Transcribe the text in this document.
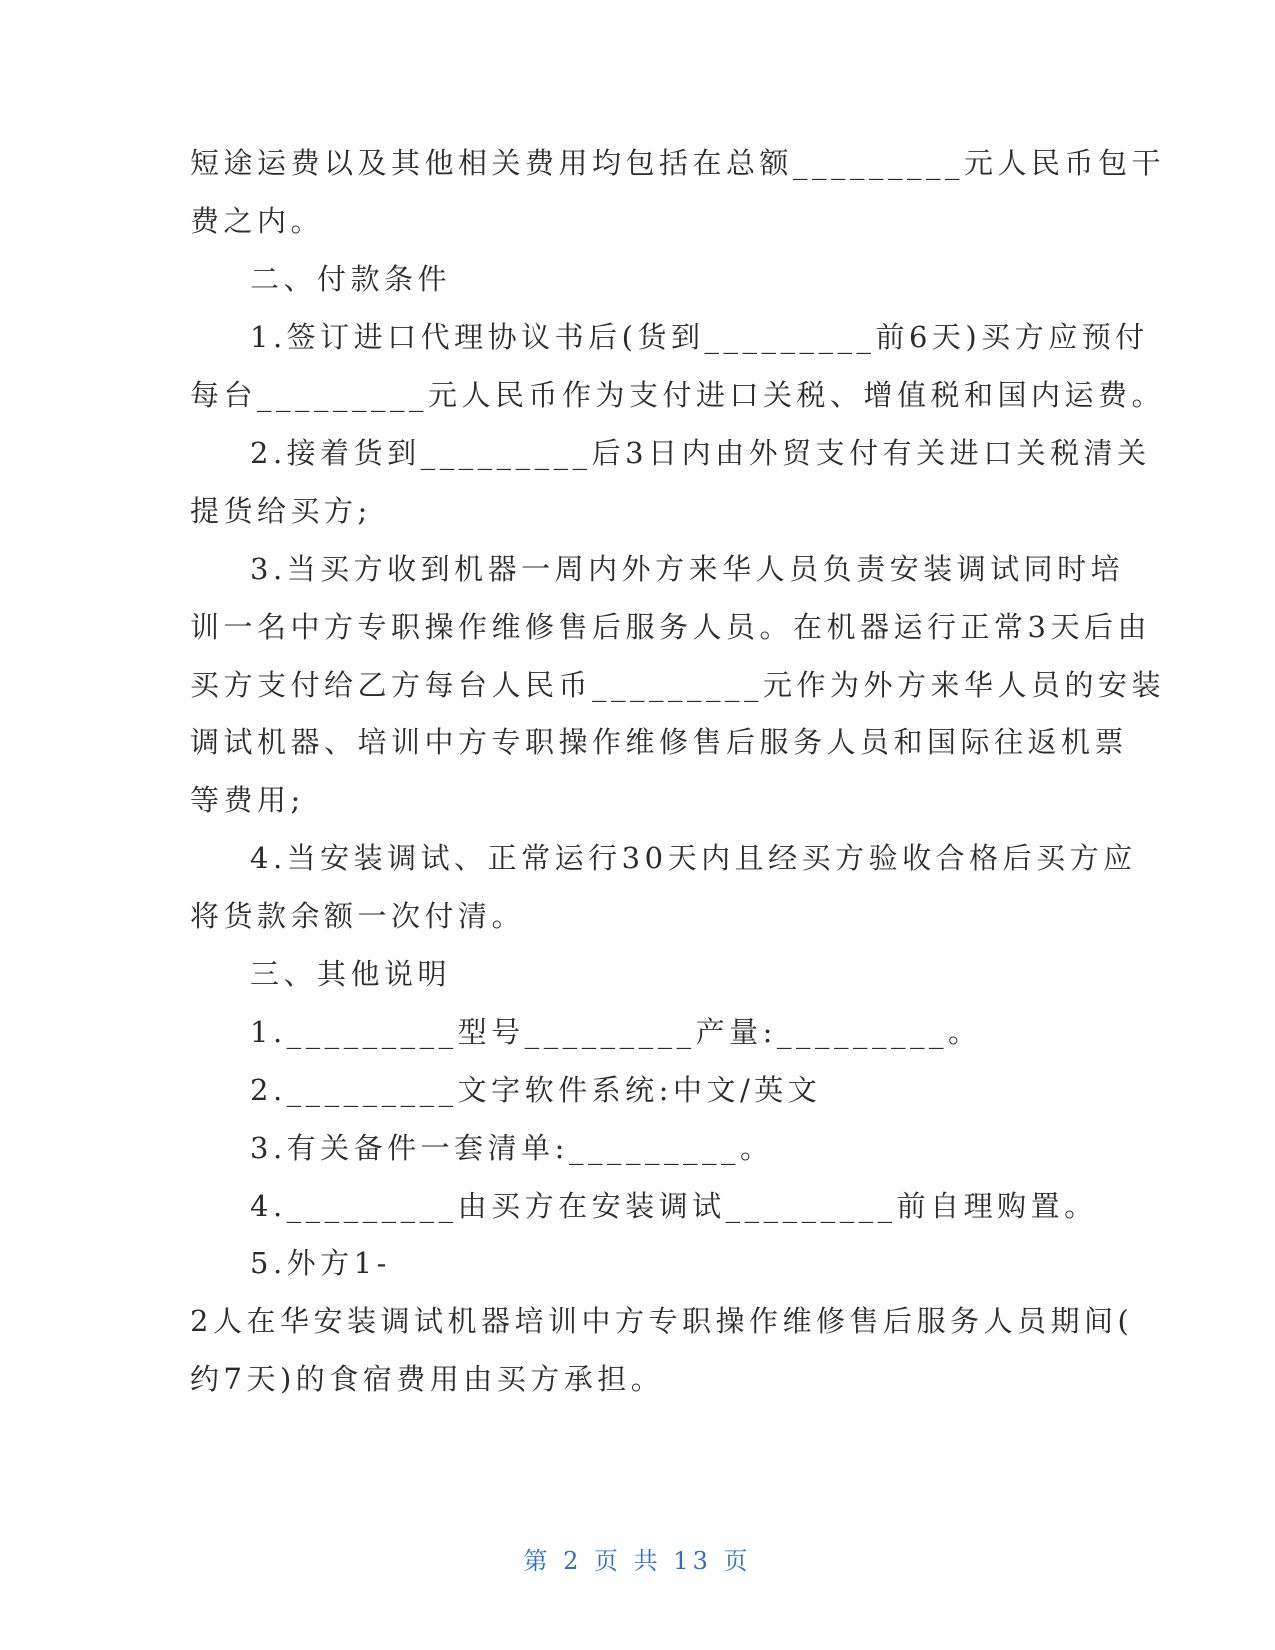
短途运费以及其他相关费用均包括在总额_________元人民币包干
费之内。
二、付款条件
1.签订进口代理协议书后(货到_________前6天)买方应预付
每台_________元人民币作为支付进口关税、增值税和国内运费。
2.接着货到_________后3日内由外贸支付有关进口关税清关
提货给买方;
3.当买方收到机器一周内外方来华人员负责安装调试同时培
训一名中方专职操作维修售后服务人员。在机器运行正常3天后由
买方支付给乙方每台人民币_________元作为外方来华人员的安装
调试机器、培训中方专职操作维修售后服务人员和国际往返机票
等费用;
4.当安装调试、正常运行30天内且经买方验收合格后买方应
将货款余额一次付清。
三、其他说明
1._________型号_________产量:_________。
2._________文字软件系统:中文/英文
3.有关备件一套清单:_________。
4._________由买方在安装调试_________前自理购置。
5.外方1-
2人在华安装调试机器培训中方专职操作维修售后服务人员期间(
约7天)的食宿费用由买方承担。
第 2 页 共 13 页
